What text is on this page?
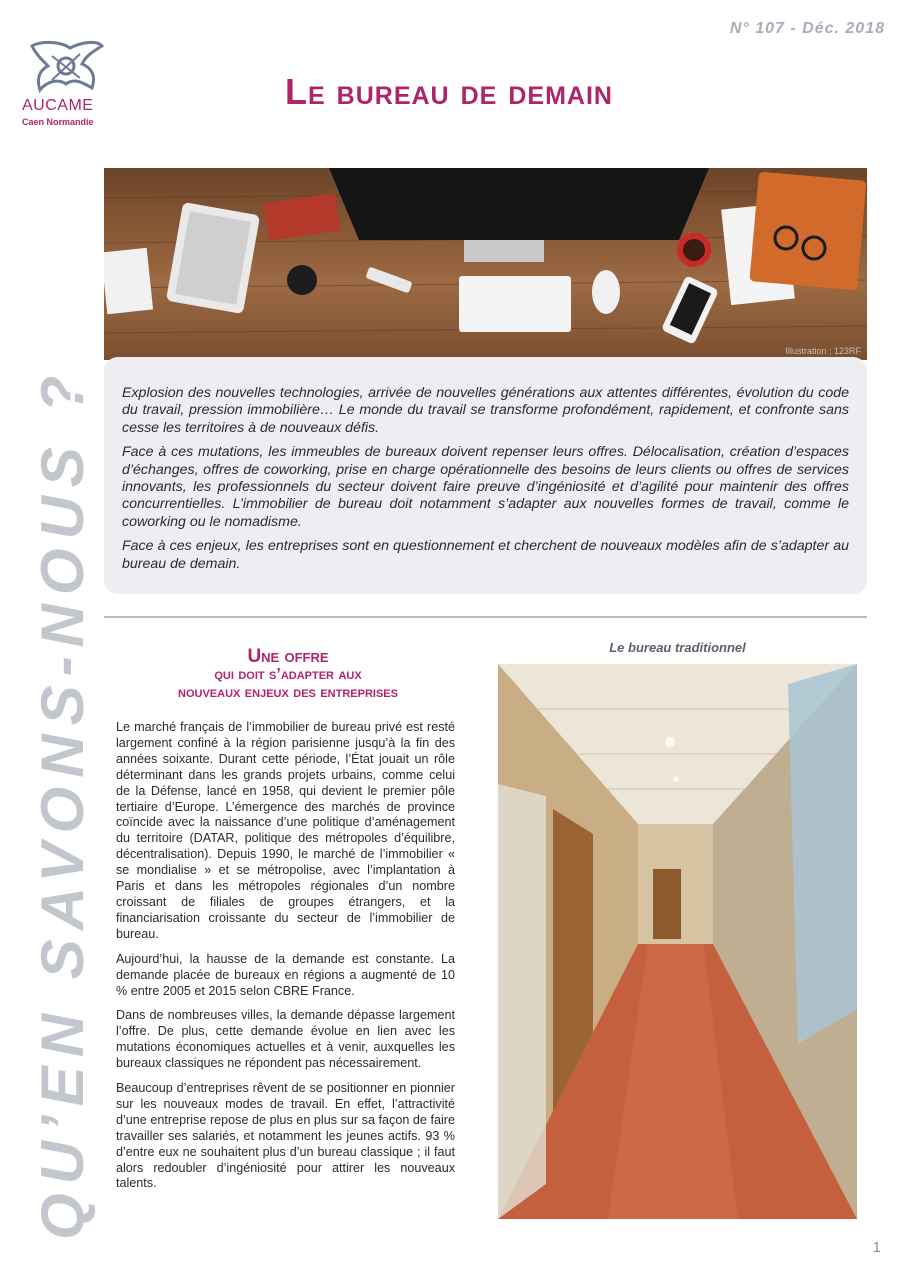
N° 107 - Déc. 2018
AUCAME
Caen Normandie
QU’EN SAVONS-NOUS ?
Le bureau de demain
Illustration : 123RF

Explosion des nouvelles technologies, arrivée de nouvelles générations aux attentes différentes, évolution du code du travail, pression immobilière… Le monde du travail se transforme profondément, rapidement, et confronte sans cesse les territoires à de nouveaux défis.

Face à ces mutations, les immeubles de bureaux doivent repenser leurs offres. Délocalisation, création d’espaces d’échanges, offres de coworking, prise en charge opérationnelle des besoins de leurs clients ou offres de services innovants, les professionnels du secteur doivent faire preuve d’ingéniosité et d’agilité pour maintenir des offres concurrentielles. L’immobilier de bureau doit notamment s’adapter aux nouvelles formes de travail, comme le coworking ou le nomadisme.

Face à ces enjeux, les entreprises sont en questionnement et cherchent de nouveaux modèles afin de s’adapter au bureau de demain.

Une offre
qui doit s’adapter aux
nouveaux enjeux des entreprises

Le marché français de l’immobilier de bureau privé est resté largement confiné à la région parisienne jusqu’à la fin des années soixante. Durant cette période, l’État jouait un rôle déterminant dans les grands projets urbains, comme celui de la Défense, lancé en 1958, qui devient le premier pôle tertiaire d’Europe. L’émergence des marchés de province coïncide avec la naissance d’une politique d’aménagement du territoire (DATAR, politique des métropoles d’équilibre, décentralisation). Depuis 1990, le marché de l’immobilier « se mondialise » et se métropolise, avec l’implantation à Paris et dans les métropoles régionales d’un nombre croissant de filiales de groupes étrangers, et la financiarisation croissante du secteur de l’immobilier de bureau.

Aujourd’hui, la hausse de la demande est constante. La demande placée de bureaux en régions a augmenté de 10 % entre 2005 et 2015 selon CBRE France.

Dans de nombreuses villes, la demande dépasse largement l’offre. De plus, cette demande évolue en lien avec les mutations économiques actuelles et à venir, auxquelles les bureaux classiques ne répondent pas nécessairement.

Beaucoup d’entreprises rêvent de se positionner en pionnier sur les nouveaux modes de travail. En effet, l’attractivité d’une entreprise repose de plus en plus sur sa façon de faire travailler ses salariés, et notamment les jeunes actifs. 93 % d’entre eux ne souhaitent plus d’un bureau classique ; il faut alors redoubler d’ingéniosité pour attirer les nouveaux talents.

Le bureau traditionnel
1
